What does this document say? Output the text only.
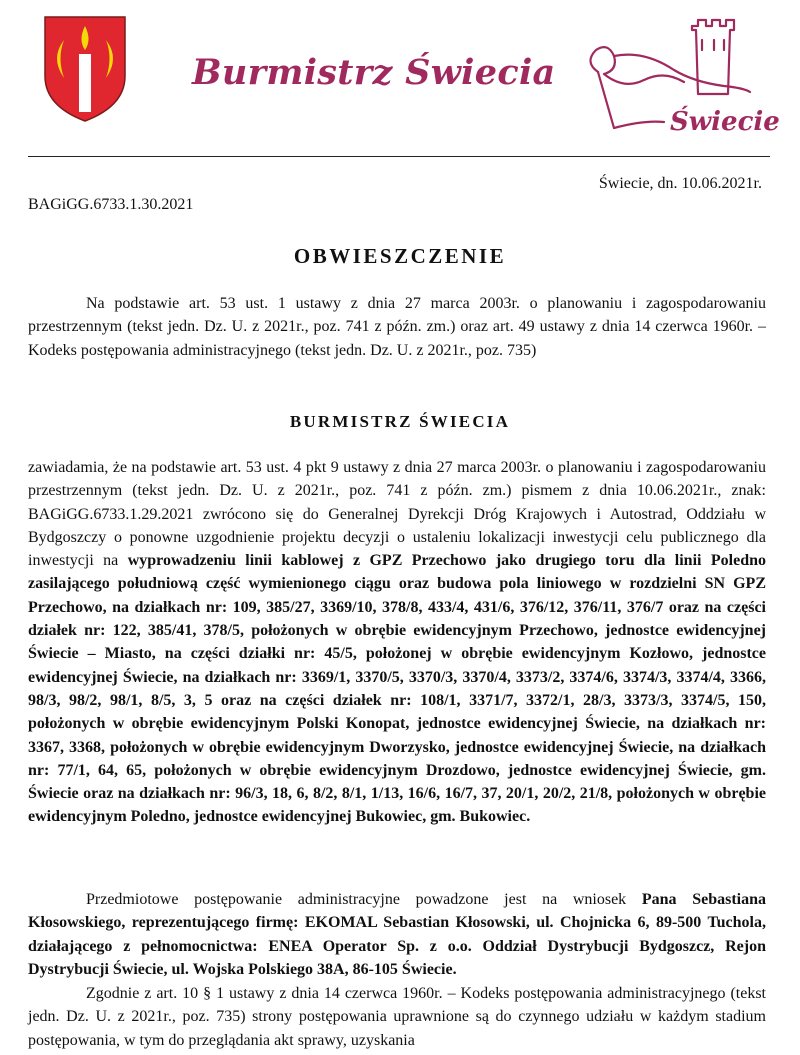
Burmistrz Świecia
Świecie
Świecie, dn. 10.06.2021r.
BAGiGG.6733.1.30.2021
OBWIESZCZENIE
Na podstawie art. 53 ust. 1 ustawy z dnia 27 marca 2003r. o planowaniu i zagospodarowaniu przestrzennym (tekst jedn. Dz. U. z 2021r., poz. 741 z późn. zm.) oraz art. 49 ustawy z dnia 14 czerwca 1960r. – Kodeks postępowania administracyjnego (tekst jedn. Dz. U. z 2021r., poz. 735)
BURMISTRZ ŚWIECIA
zawiadamia, że na podstawie art. 53 ust. 4 pkt 9 ustawy z dnia 27 marca 2003r. o planowaniu i zagospodarowaniu przestrzennym (tekst jedn. Dz. U. z 2021r., poz. 741 z późn. zm.) pismem z dnia 10.06.2021r., znak: BAGiGG.6733.1.29.2021 zwrócono się do Generalnej Dyrekcji Dróg Krajowych i Autostrad, Oddziału w Bydgoszczy o ponowne uzgodnienie projektu decyzji o ustaleniu lokalizacji inwestycji celu publicznego dla inwestycji na wyprowadzeniu linii kablowej z GPZ Przechowo jako drugiego toru dla linii Poledno zasilającego południową część wymienionego ciągu oraz budowa pola liniowego w rozdzielni SN GPZ Przechowo, na działkach nr: 109, 385/27, 3369/10, 378/8, 433/4, 431/6, 376/12, 376/11, 376/7 oraz na części działek nr: 122, 385/41, 378/5, położonych w obrębie ewidencyjnym Przechowo, jednostce ewidencyjnej Świecie – Miasto, na części działki nr: 45/5, położonej w obrębie ewidencyjnym Kozłowo, jednostce ewidencyjnej Świecie, na działkach nr: 3369/1, 3370/5, 3370/3, 3370/4, 3373/2, 3374/6, 3374/3, 3374/4, 3366, 98/3, 98/2, 98/1, 8/5, 3, 5 oraz na części działek nr: 108/1, 3371/7, 3372/1, 28/3, 3373/3, 3374/5, 150, położonych w obrębie ewidencyjnym Polski Konopat, jednostce ewidencyjnej Świecie, na działkach nr: 3367, 3368, położonych w obrębie ewidencyjnym Dworzysko, jednostce ewidencyjnej Świecie, na działkach nr: 77/1, 64, 65, położonych w obrębie ewidencyjnym Drozdowo, jednostce ewidencyjnej Świecie, gm. Świecie oraz na działkach nr: 96/3, 18, 6, 8/2, 8/1, 1/13, 16/6, 16/7, 37, 20/1, 20/2, 21/8, położonych w obrębie ewidencyjnym Poledno, jednostce ewidencyjnej Bukowiec, gm. Bukowiec.
Przedmiotowe postępowanie administracyjne powadzone jest na wniosek Pana Sebastiana Kłosowskiego, reprezentującego firmę: EKOMAL Sebastian Kłosowski, ul. Chojnicka 6, 89-500 Tuchola, działającego z pełnomocnictwa: ENEA Operator Sp. z o.o. Oddział Dystrybucji Bydgoszcz, Rejon Dystrybucji Świecie, ul. Wojska Polskiego 38A, 86-105 Świecie.
Zgodnie z art. 10 § 1 ustawy z dnia 14 czerwca 1960r. – Kodeks postępowania administracyjnego (tekst jedn. Dz. U. z 2021r., poz. 735) strony postępowania uprawnione są do czynnego udziału w każdym stadium postępowania, w tym do przeglądania akt sprawy, uzyskania
